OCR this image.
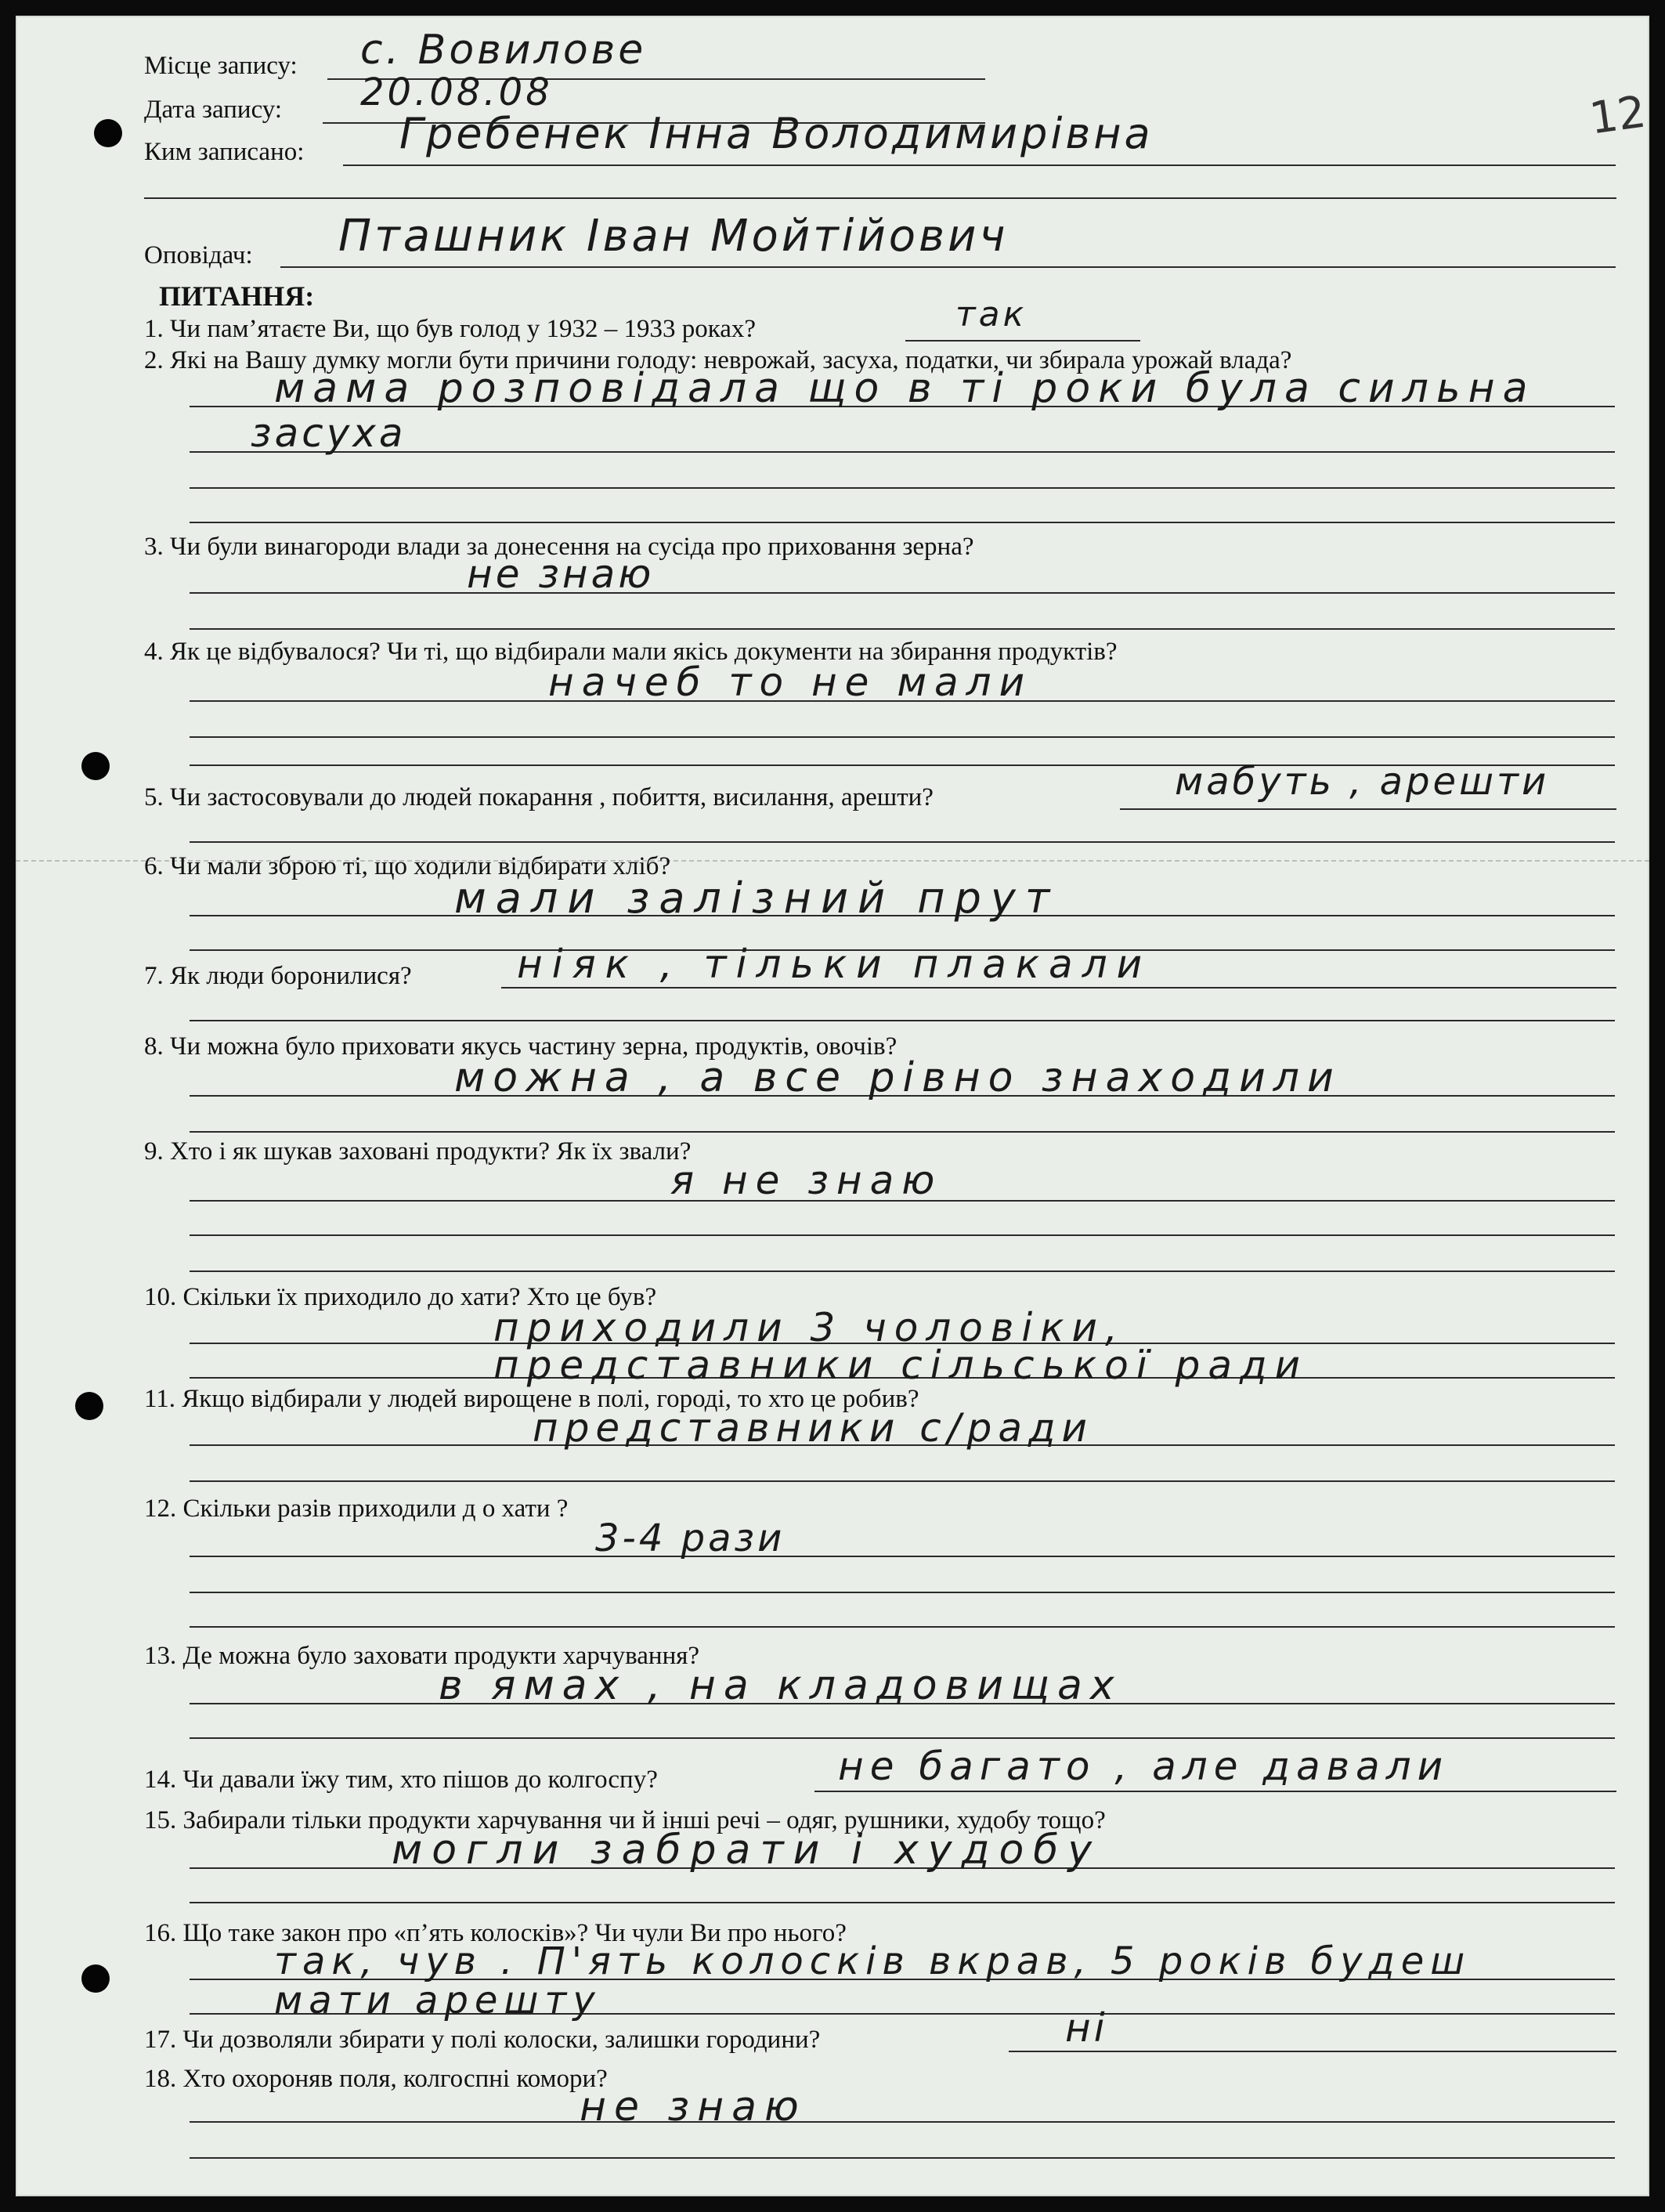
12
Місце запису: с. Вовилове
Дата запису: 20.08.08
Ким записано: Гребенек Інна Володимирівна
Оповідач: Пташник Іван Мойтійович
ПИТАННЯ:
1. Чи пам’ятаєте Ви, що був голод у 1932 – 1933 роках?	так
2. Які на Вашу думку могли бути причини голоду: неврожай, засуха, податки, чи збирала урожай влада?
мама розповідала що в ті роки була сильна
засуха
3. Чи були винагороди влади за донесення на сусіда про приховання зерна?
не знаю
4. Як це відбувалося? Чи ті, що відбирали мали якісь документи на збирання продуктів?
начеб то не мали
5. Чи застосовували до людей покарання , побиття, висилання, арешти?	мабуть , арешти
6. Чи мали зброю ті, що ходили відбирати хліб?
мали залізний прут
7. Як люди боронилися?	ніяк , тільки плакали
8. Чи можна було приховати якусь частину зерна, продуктів, овочів?
можна , а все рівно знаходили
9. Хто і як шукав заховані продукти? Як їх звали?
я не знаю
10. Скільки їх приходило до хати? Хто це був?
приходили 3 чоловіки,
представники сільської ради
11. Якщо відбирали у людей вирощене в полі, городі, то хто це робив?
представники с/ради
12. Скільки разів приходили д о хати ?
3-4 рази
13. Де можна було заховати продукти харчування?
в ямах , на кладовищах
14. Чи давали їжу тим, хто пішов до колгоспу?	не багато , але давали
15. Забирали тільки продукти харчування чи й інші речі – одяг, рушники, худобу тощо?
могли забрати і худобу
16. Що таке закон про «п’ять колосків»? Чи чули Ви про нього?
так, чув . П'ять колосків вкрав, 5 років будеш
мати арешту
17. Чи дозволяли збирати у полі колоски, залишки городини?	ні
18. Хто охороняв поля, колгоспні комори?
не знаю
